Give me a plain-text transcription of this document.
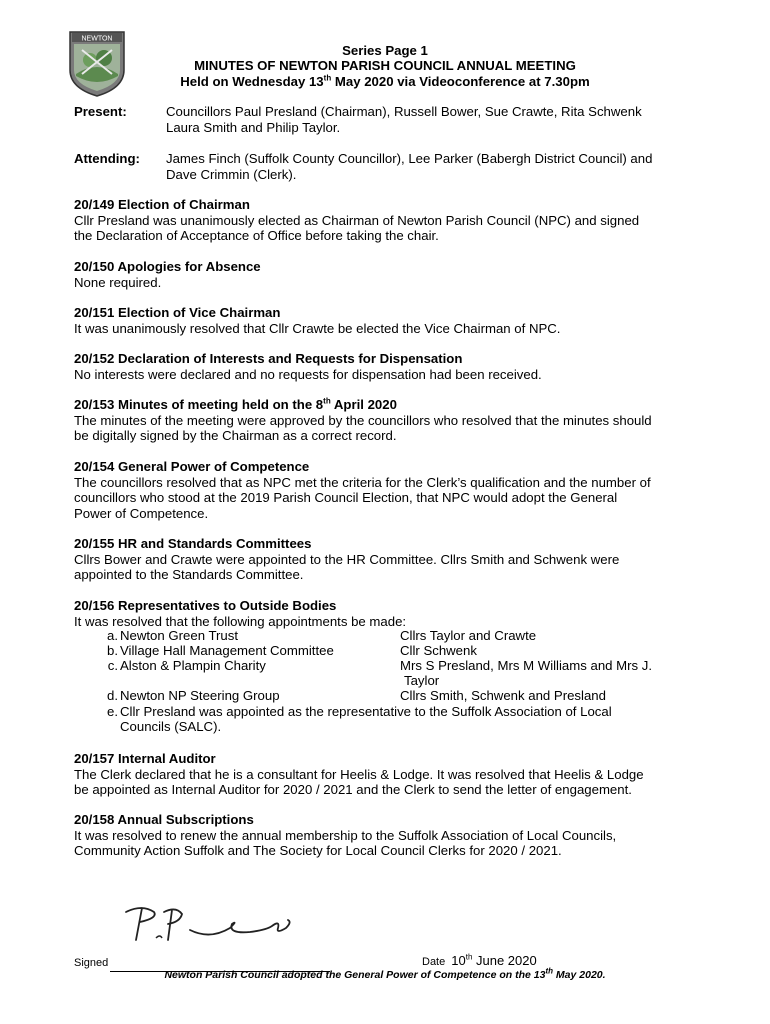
NEWTON
Series Page 1
MINUTES OF NEWTON PARISH COUNCIL ANNUAL MEETING
Held on Wednesday 13th May 2020 via Videoconference at 7.30pm
Present:	Councillors Paul Presland (Chairman), Russell Bower, Sue Crawte, Rita Schwenk
Laura Smith and Philip Taylor.
Attending: James Finch (Suffolk County Councillor), Lee Parker (Babergh District Council) and
Dave Crimmin (Clerk).
20/149 Election of Chairman
Cllr Presland was unanimously elected as Chairman of Newton Parish Council (NPC) and signed
the Declaration of Acceptance of Office before taking the chair.
20/150 Apologies for Absence
None required.
20/151 Election of Vice Chairman
It was unanimously resolved that Cllr Crawte be elected the Vice Chairman of NPC.
20/152 Declaration of Interests and Requests for Dispensation
No interests were declared and no requests for dispensation had been received.
20/153 Minutes of meeting held on the 8th April 2020
The minutes of the meeting were approved by the councillors who resolved that the minutes should
be digitally signed by the Chairman as a correct record.
20/154 General Power of Competence
The councillors resolved that as NPC met the criteria for the Clerk’s qualification and the number of
councillors who stood at the 2019 Parish Council Election, that NPC would adopt the General
Power of Competence.
20/155 HR and Standards Committees
Cllrs Bower and Crawte were appointed to the HR Committee. Cllrs Smith and Schwenk were
appointed to the Standards Committee.
20/156 Representatives to Outside Bodies
It was resolved that the following appointments be made:
a. Newton Green Trust	Cllrs Taylor and Crawte
b. Village Hall Management Committee	Cllr Schwenk
c. Alston & Plampin Charity	Mrs S Presland, Mrs M Williams and Mrs J.
Taylor
d. Newton NP Steering Group	Cllrs Smith, Schwenk and Presland
e. Cllr Presland was appointed as the representative to the Suffolk Association of Local
Councils (SALC).
20/157 Internal Auditor
The Clerk declared that he is a consultant for Heelis & Lodge. It was resolved that Heelis & Lodge
be appointed as Internal Auditor for 2020 / 2021 and the Clerk to send the letter of engagement.
20/158 Annual Subscriptions
It was resolved to renew the annual membership to the Suffolk Association of Local Councils,
Community Action Suffolk and The Society for Local Council Clerks for 2020 / 2021.
Signed	Date 10th June 2020
Newton Parish Council adopted the General Power of Competence on the 13th May 2020.
